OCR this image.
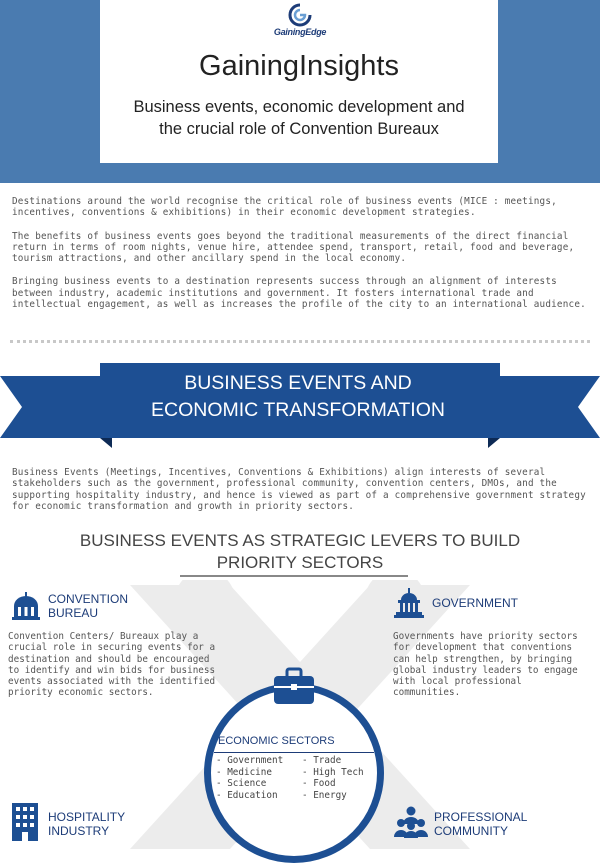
GainingEdge
GainingInsights
Business events, economic development and the crucial role of Convention Bureaux

Destinations around the world recognise the critical role of business events (MICE : meetings, incentives, conventions & exhibitions) in their economic development strategies.

The benefits of business events goes beyond the traditional measurements of the direct financial return in terms of room nights, venue hire, attendee spend, transport, retail, food and beverage, tourism attractions, and other ancillary spend in the local economy.

Bringing business events to a destination represents success through an alignment of interests between industry, academic institutions and government. It fosters international trade and intellectual engagement, as well as increases the profile of the city to an international audience.

BUSINESS EVENTS AND
ECONOMIC TRANSFORMATION
Business Events (Meetings, Incentives, Conventions & Exhibitions) align interests of several stakeholders such as the government, professional community, convention centers, DMOs, and the supporting hospitality industry, and hence is viewed as part of a comprehensive government strategy for economic transformation and growth in priority sectors.
BUSINESS EVENTS AS STRATEGIC LEVERS TO BUILD
PRIORITY SECTORS
CONVENTION
BUREAU
Convention Centers/ Bureaux play a crucial role in securing events for a destination and should be encouraged to identify and win bids for business events associated with the identified priority economic sectors.
GOVERNMENT
Governments have priority sectors for development that conventions can help strengthen, by bringing global industry leaders to engage with local professional communities.
ECONOMIC SECTORS
- Government
- Medicine
- Science
- Education
- Trade
- High Tech
- Food
- Energy
HOSPITALITY
INDUSTRY
PROFESSIONAL
COMMUNITY
